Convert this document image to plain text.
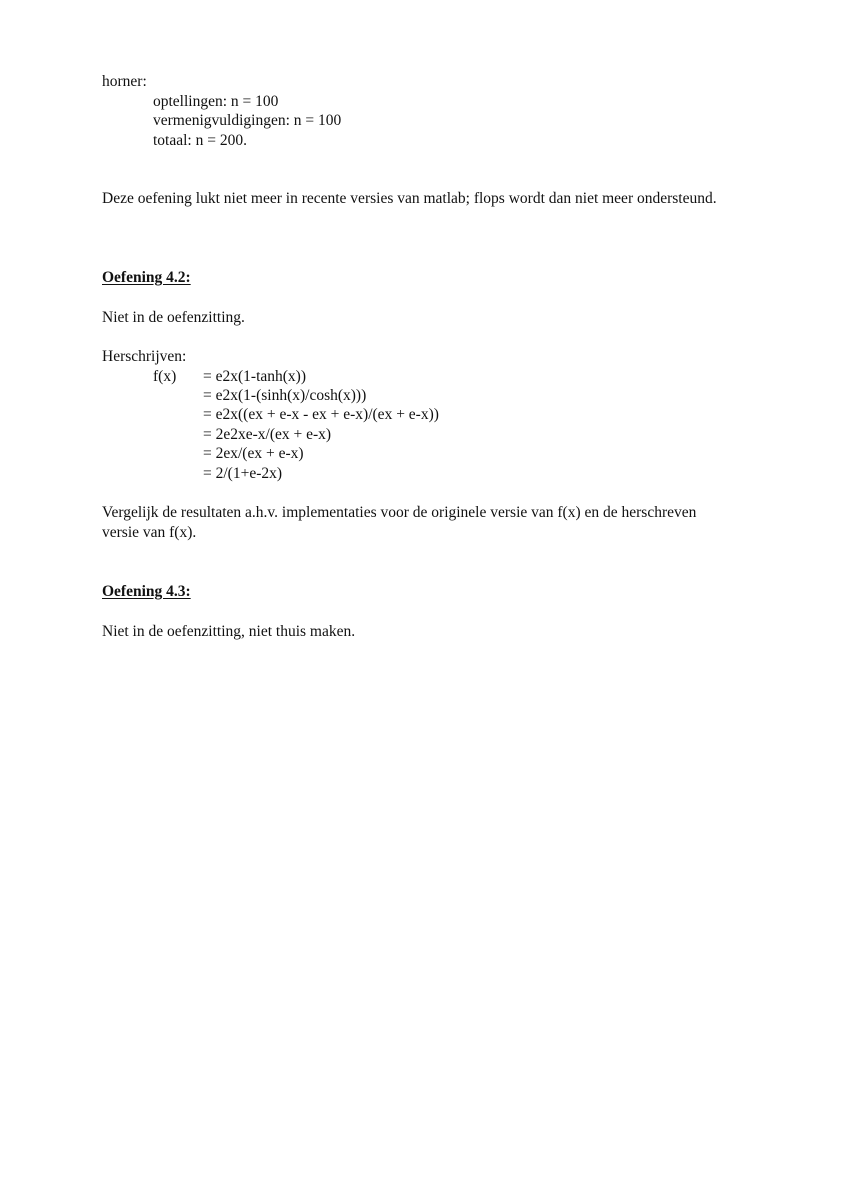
horner:
optellingen: n = 100
vermenigvuldigingen: n = 100
totaal: n = 200.
Deze oefening lukt niet meer in recente versies van matlab; flops wordt dan niet meer ondersteund.
Oefening 4.2:
Niet in de oefenzitting.
Herschrijven:
f(x) = e2x(1-tanh(x))
= e2x(1-(sinh(x)/cosh(x)))
= e2x((ex + e-x - ex + e-x)/(ex + e-x))
= 2e2xe-x/(ex + e-x)
= 2ex/(ex + e-x)
= 2/(1+e-2x)
Vergelijk de resultaten a.h.v. implementaties voor de originele versie van f(x) en de herschreven versie van f(x).
Oefening 4.3:
Niet in de oefenzitting, niet thuis maken.
